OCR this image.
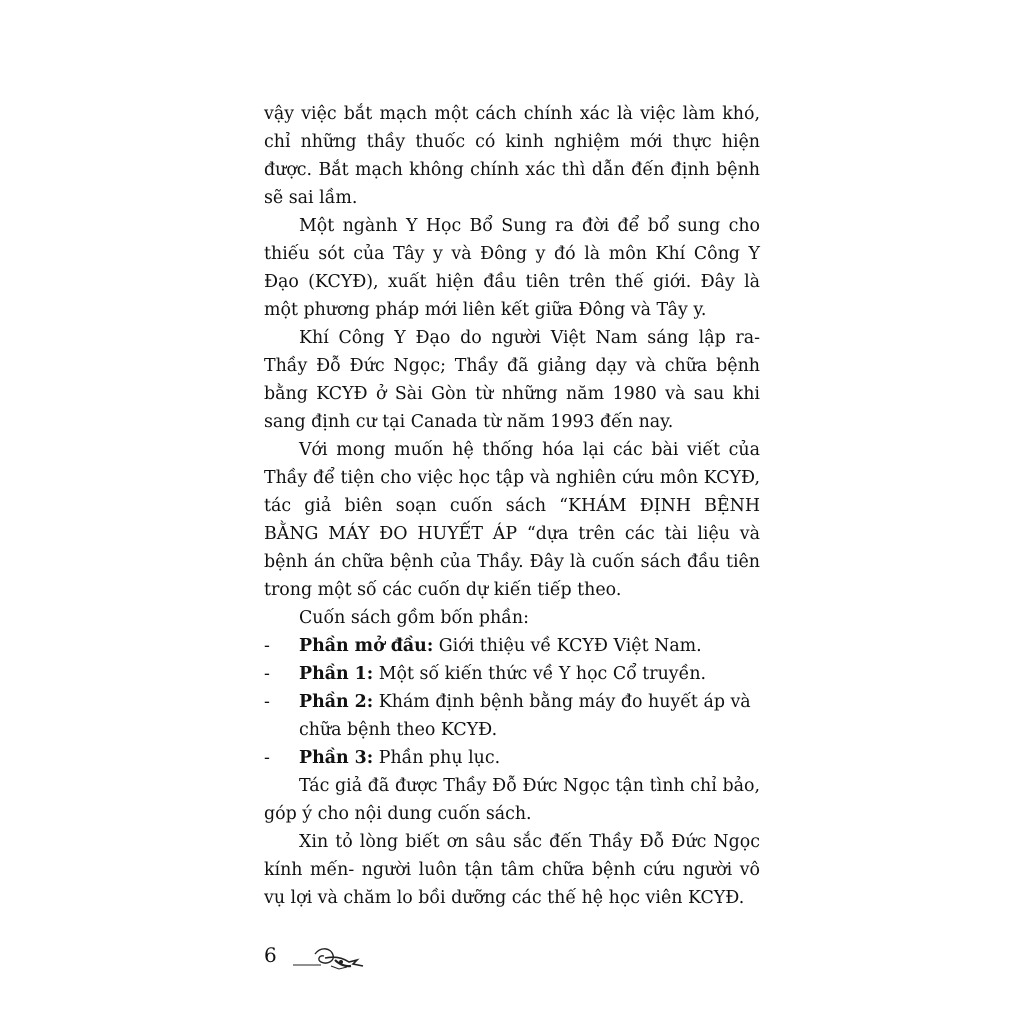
vậy việc bắt mạch một cách chính xác là việc làm khó,
chỉ những thầy thuốc có kinh nghiệm mới thực hiện
được. Bắt mạch không chính xác thì dẫn đến định bệnh
sẽ sai lầm.
Một ngành Y Học Bổ Sung ra đời để bổ sung cho
thiếu sót của Tây y và Đông y đó là môn Khí Công Y
Đạo (KCYĐ), xuất hiện đầu tiên trên thế giới. Đây là
một phương pháp mới liên kết giữa Đông và Tây y.
Khí Công Y Đạo do người Việt Nam sáng lập ra-
Thầy Đỗ Đức Ngọc; Thầy đã giảng dạy và chữa bệnh
bằng KCYĐ ở Sài Gòn từ những năm 1980 và sau khi
sang định cư tại Canada từ năm 1993 đến nay.
Với mong muốn hệ thống hóa lại các bài viết của
Thầy để tiện cho việc học tập và nghiên cứu môn KCYĐ,
tác giả biên soạn cuốn sách “KHÁM ĐỊNH BỆNH
BẰNG MÁY ĐO HUYẾT ÁP “dựa trên các tài liệu và
bệnh án chữa bệnh của Thầy. Đây là cuốn sách đầu tiên
trong một số các cuốn dự kiến tiếp theo.
Cuốn sách gồm bốn phần:
- Phần mở đầu: Giới thiệu về KCYĐ Việt Nam.
- Phần 1: Một số kiến thức về Y học Cổ truyền.
- Phần 2: Khám định bệnh bằng máy đo huyết áp và
chữa bệnh theo KCYĐ.
- Phần 3: Phần phụ lục.
Tác giả đã được Thầy Đỗ Đức Ngọc tận tình chỉ bảo,
góp ý cho nội dung cuốn sách.
Xin tỏ lòng biết ơn sâu sắc đến Thầy Đỗ Đức Ngọc
kính mến- người luôn tận tâm chữa bệnh cứu người vô
vụ lợi và chăm lo bồi dưỡng các thế hệ học viên KCYĐ.
6
